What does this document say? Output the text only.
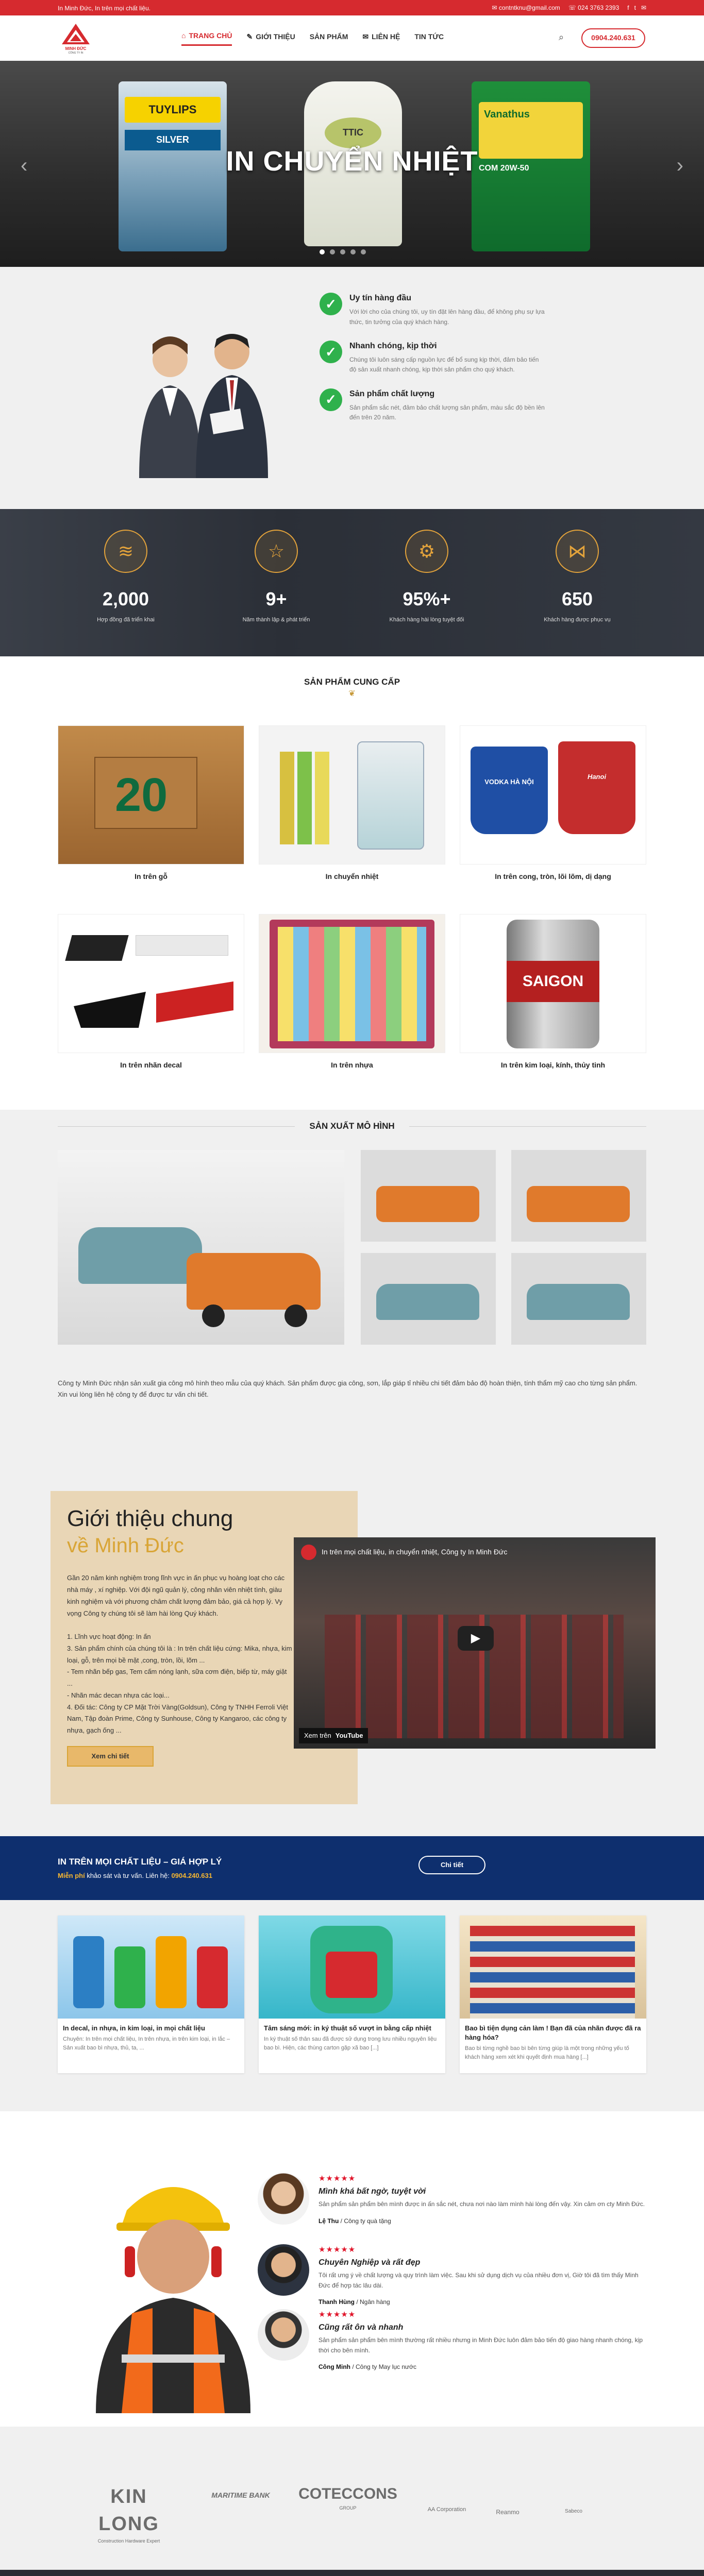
In Minh Đức, In trên mọi chất liệu.	✉ contntknu@gmail.com ☏ 024 3763 2393 f t ✉
MINH ĐỨC
CÔNG TY IN
⌂ TRANG CHỦ ✎ GIỚI THIỆU SẢN PHẨM ✉ LIÊN HỆ TIN TỨC	⌕	0904.240.631
TUYLIPS
SILVER
TTIC
Vanathus
COM 20W-50
IN CHUYỂN NHIỆT
‹	›
✓	Uy tín hàng đầu
Với lời cho của chúng tôi, uy tín đặt lên hàng đầu, để không phụ sự lựa thức, tin tưởng của quý khách hàng.
✓	Nhanh chóng, kịp thời
Chúng tôi luôn sáng cấp nguồn lực để bổ sung kịp thời, đảm bảo tiến độ sản xuất nhanh chóng, kịp thời sản phẩm cho quý khách.
✓	Sản phẩm chất lượng
Sản phẩm sắc nét, đảm bảo chất lượng sản phẩm, màu sắc độ bền lên đến trên 20 năm.
≋
2,000
Hợp đồng đã triển khai
☆
9+
Năm thành lập & phát triển
⚙
95%+
Khách hàng hài lòng tuyệt đối
⋈
650
Khách hàng được phục vụ
SẢN PHẨM CUNG CẤP
❦
20
In trên gỗ	In chuyển nhiệt
VODKA HÀ NỘI
Hanoi
In trên cong, tròn, lõi lõm, dị dạng
In trên nhãn decal	In trên nhựa
SAIGON
In trên kim loại, kính, thủy tinh
SẢN XUẤT MÔ HÌNH
Công ty Minh Đức nhận sản xuất gia công mô hình theo mẫu của quý khách. Sản phẩm được gia công, sơn, lắp giáp tỉ nhiều chi tiết đảm bảo độ hoàn thiện, tính thẩm mỹ cao cho từng sản phẩm. Xin vui lòng liên hệ công ty để được tư vấn chi tiết.
Giới thiệu chung
về Minh Đức
Gần 20 năm kinh nghiệm trong lĩnh vực in ấn phục vụ hoàng loạt cho các nhà máy , xí nghiệp. Với đội ngũ quản lý, công nhân viên nhiệt tình, giàu kinh nghiệm và với phương châm chất lượng đảm bảo, giá cả hợp lý. Vy vọng Công ty chúng tôi sẽ làm hài lòng Quý khách.

1. Lĩnh vực hoạt động: In ấn
3. Sản phẩm chính của chúng tôi là : In trên chất liệu cứng: Mika, nhựa, kim loại, gỗ, trên mọi bề mặt ,cong, tròn, lồi, lõm ...
- Tem nhãn bếp gas, Tem cấm nóng lạnh, sữa cơm điện, biếp từ, máy giặt ...
- Nhãn mác decan nhựa các loại...
4. Đối tác: Công ty CP Mặt Trời Vàng(Goldsun), Công ty TNHH Ferroli Việt Nam, Tập đoàn Prime, Công ty Sunhouse, Công ty Kangaroo, các công ty nhựa, gạch ống ...
Xem chi tiết
In trên mọi chất liệu, in chuyển nhiệt, Công ty In Minh Đức
▶
Xem trên YouTube
IN TRÊN MỌI CHẤT LIỆU – GIÁ HỢP LÝ
Miễn phí khảo sát và tư vấn. Liên hệ: 0904.240.631
Chi tiết
In decal, in nhựa, in kim loại, in mọi chất liệu
Chuyên: In trên mọi chất liệu, In trên nhựa, in trên kim loại, in lắc – Sản xuất bao bì nhựa, thủ, ta, ...
Tâm sáng mới: in ký thuật số vượt in bằng cấp nhiệt
In ký thuật số thân sau đã được sử dụng trong lưu nhiều nguyên liệu bao bì. Hiện, các thùng carton gặp xã bao [...]
Bao bì tiện dụng cản làm ! Bạn đã của nhãn được đã ra hàng hóa?
Bao bì từng nghề bao bì bên từng giúp là một trong những yếu tố khách hàng xem xét khi quyết định mua hàng [...]
★★★★★
Mình khá bất ngờ, tuyệt vời
Sản phẩm sản phẩm bên mình được in ấn sắc nét, chưa nơi nào làm mình hài lòng đến vậy. Xin cảm ơn cty Minh Đức.
Lệ Thu / Công ty quà tặng
★★★★★
Chuyên Nghiệp và rất đẹp
Tôi rất ưng ý về chất lượng và quy trình làm việc. Sau khi sử dụng dịch vụ của nhiều đơn vị, Giờ tôi đã tìm thấy Minh Đức để hợp tác lâu dài.
Thanh Hùng / Ngân hàng
★★★★★
Cũng rất ôn và nhanh
Sản phẩm sản phẩm bên mình thường rất nhiều nhưng in Minh Đức luôn đảm bảo tiến độ giao hàng nhanh chóng, kịp thời cho bên mình.
Công Minh / Công ty May lục nước
KIN LONG
Construction Hardware Expert
MARITIME BANK	COTECCONS
GROUP	AA Corporation	Reanmo	Sabeco
